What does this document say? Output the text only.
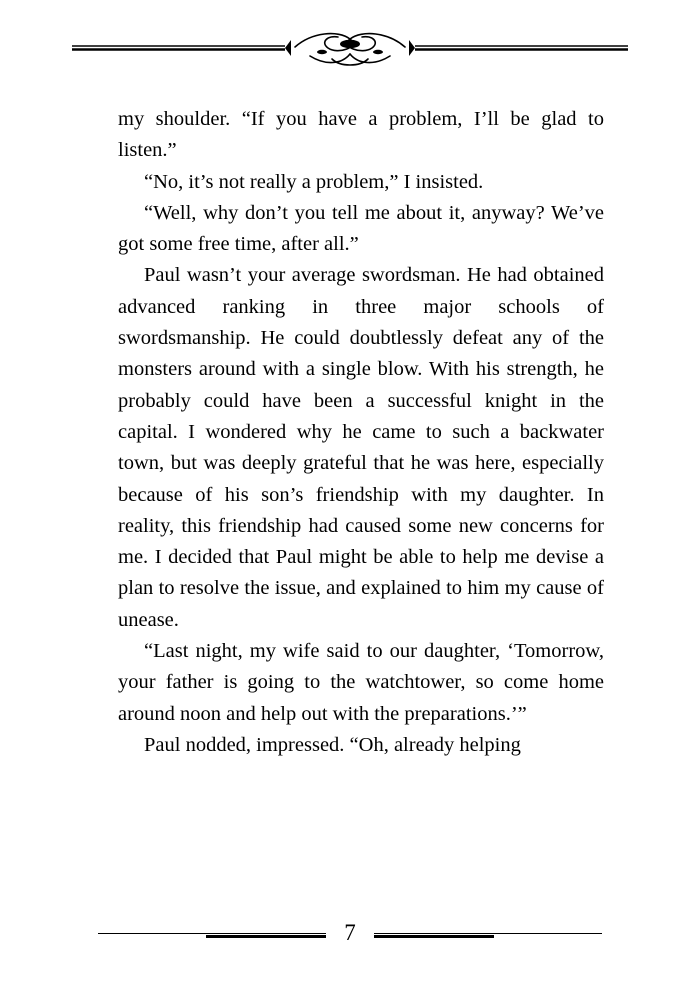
my shoulder. “If you have a problem, I’ll be glad to listen.”

“No, it’s not really a problem,” I insisted.

“Well, why don’t you tell me about it, anyway? We’ve got some free time, after all.”

Paul wasn’t your average swordsman. He had obtained advanced ranking in three major schools of swordsmanship. He could doubtlessly defeat any of the monsters around with a single blow. With his strength, he probably could have been a successful knight in the capital. I wondered why he came to such a backwater town, but was deeply grateful that he was here, especially because of his son’s friendship with my daughter. In reality, this friendship had caused some new concerns for me. I decided that Paul might be able to help me devise a plan to resolve the issue, and explained to him my cause of unease.

“Last night, my wife said to our daughter, ‘Tomorrow, your father is going to the watchtower, so come home around noon and help out with the preparations.’”

Paul nodded, impressed. “Oh, already helping

7
